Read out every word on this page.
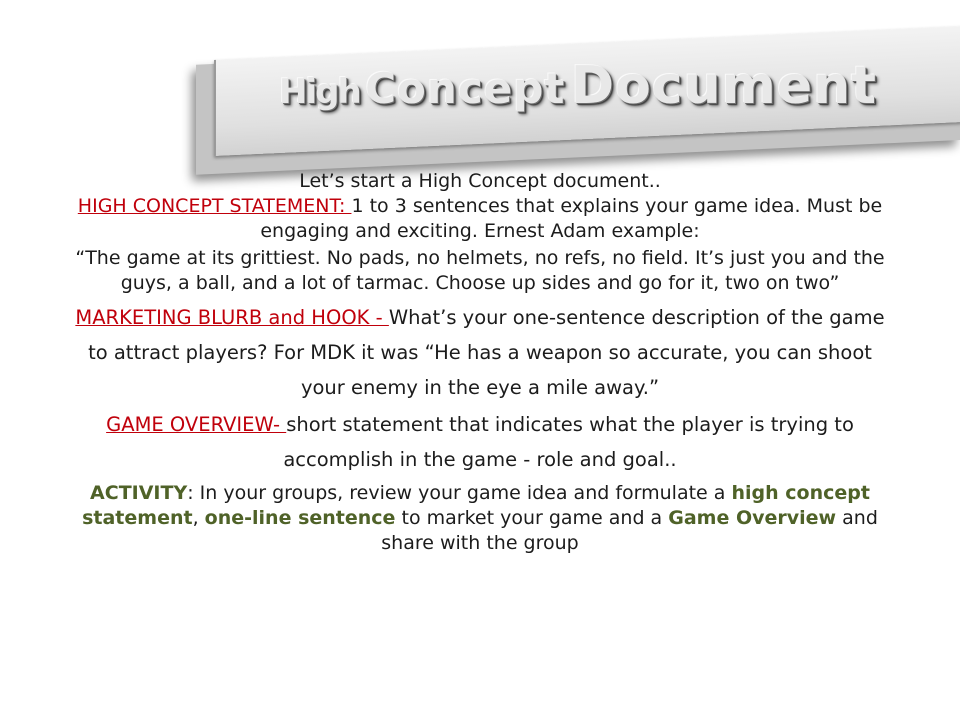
High Concept Document

Let’s start a High Concept document..

HIGH CONCEPT STATEMENT: 1 to 3 sentences that explains your game idea. Must be engaging and exciting. Ernest Adam example:

“The game at its grittiest. No pads, no helmets, no refs, no field. It’s just you and the guys, a ball, and a lot of tarmac. Choose up sides and go for it, two on two”

MARKETING BLURB and HOOK - What’s your one-sentence description of the game to attract players? For MDK it was “He has a weapon so accurate, you can shoot your enemy in the eye a mile away.”

GAME OVERVIEW- short statement that indicates what the player is trying to accomplish in the game - role and goal..

ACTIVITY: In your groups, review your game idea and formulate a high concept statement, one-line sentence to market your game and a Game Overview and share with the group
